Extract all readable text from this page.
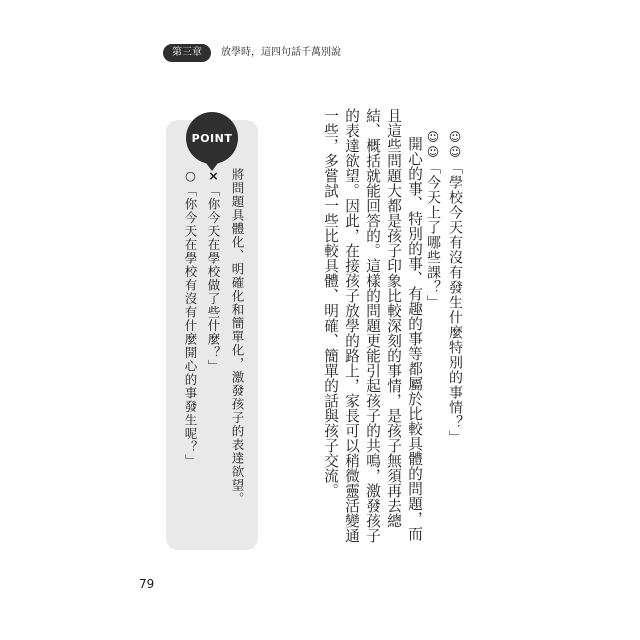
第三章	放學時，這四句話千萬別說
☺☺「學校今天有沒有發生什麼特別的事情？」
☺☺「今天上了哪些課？」
開心的事、特別的事、有趣的事等都屬於比較具體的問題，而且這些問題大都是孩子印象比較深刻的事情，是孩子無須再去總結、概括就能回答的。這樣的問題更能引起孩子的共鳴，激發孩子的表達欲望。因此，在接孩子放學的路上，家長可以稍微靈活變通一些，多嘗試一些比較具體、明確、簡單的話與孩子交流。
POINT
將問題具體化、明確化和簡單化，激發孩子的表達欲望。
×「你今天在學校做了些什麼？」
○「你今天在學校有沒有什麼開心的事發生呢？」
79
